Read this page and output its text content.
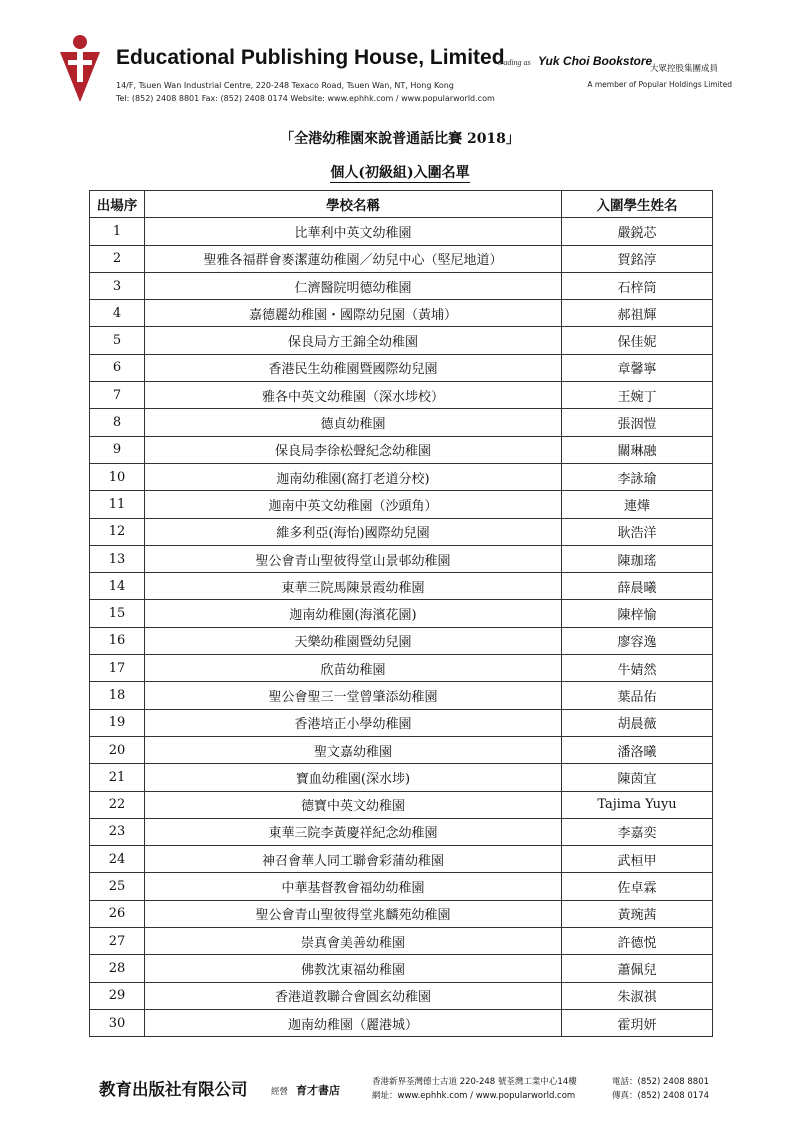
Educational Publishing House, Limited
trading as Yuk Choi Bookstore
大眾控股集團成員
14/F, Tsuen Wan Industrial Centre, 220-248 Texaco Road, Tsuen Wan, NT, Hong Kong
Tel: (852) 2408 8801 Fax: (852) 2408 0174 Website: www.ephhk.com / www.popularworld.com
A member of Popular Holdings Limited
「全港幼稚園來說普通話比賽 2018」
個人(初級組)入圍名單
出場序	學校名稱	入圍學生姓名
1	比華利中英文幼稚園	嚴鋭芯
2	聖雅各福群會麥潔蓮幼稚園／幼兒中心（堅尼地道）	賀銘淳
3	仁濟醫院明德幼稚園	石梓筒
4	嘉德麗幼稚園・國際幼兒園（黃埔）	郝祖輝
5	保良局方王錦全幼稚園	保佳妮
6	香港民生幼稚園暨國際幼兒園	章馨寧
7	雅各中英文幼稚園（深水埗校）	王婉丁
8	德貞幼稚園	張洇愷
9	保良局李徐松聲紀念幼稚園	關琳融
10	迦南幼稚園(窩打老道分校)	李詠瑜
11	迦南中英文幼稚園（沙頭角）	連燁
12	維多利亞(海怡)國際幼兒園	耿浩洋
13	聖公會青山聖彼得堂山景邨幼稚園	陳珈瑤
14	東華三院馬陳景霞幼稚園	薛晨曦
15	迦南幼稚園(海濱花園)	陳梓愉
16	天樂幼稚園暨幼兒園	廖容逸
17	欣苗幼稚園	牛婧然
18	聖公會聖三一堂曾肇添幼稚園	葉品佑
19	香港培正小學幼稚園	胡晨薇
20	聖文嘉幼稚園	潘洛曦
21	寶血幼稚園(深水埗)	陳茵宜
22	德寶中英文幼稚園	Tajima Yuyu
23	東華三院李黃慶祥紀念幼稚園	李嘉奕
24	神召會華人同工聯會彩蒲幼稚園	武桓甲
25	中華基督教會福幼幼稚園	佐卓霖
26	聖公會青山聖彼得堂兆麟苑幼稚園	黃琬茜
27	崇真會美善幼稚園	許德悦
28	佛教沈東福幼稚園	蕭佩兒
29	香港道教聯合會圓玄幼稚園	朱淑祺
30	迦南幼稚園（麗港城）	霍玥妍
教育出版社有限公司	經營 育才書店
香港新界荃灣德士古道 220-248 號荃灣工業中心14樓
網址：www.ephhk.com / www.popularworld.com
電話：(852) 2408 8801
傳真：(852) 2408 0174
